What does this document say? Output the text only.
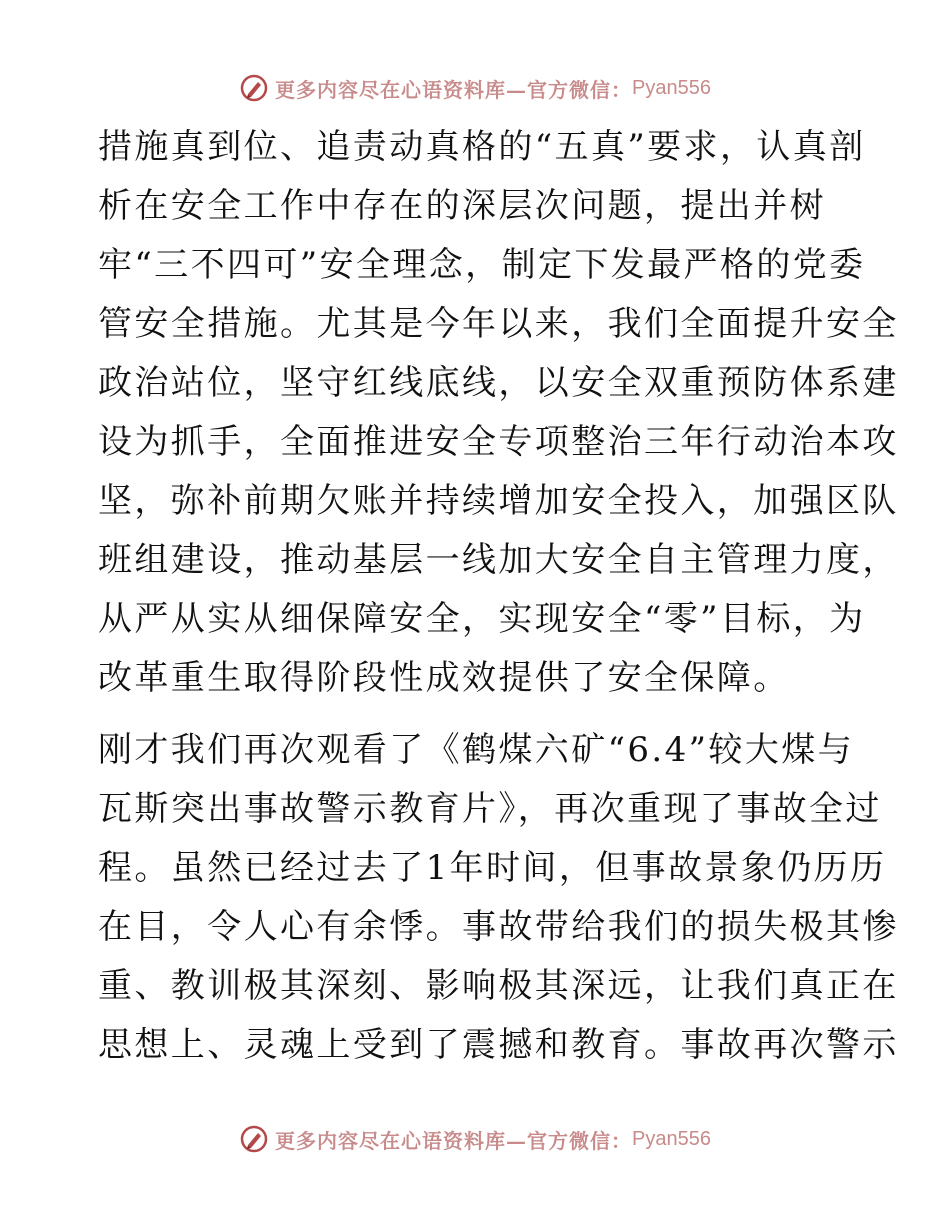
更多内容尽在心语资料库—官方微信： Pyan556

措施真到位、追责动真格的“五真”要求，认真剖
析在安全工作中存在的深层次问题，提出并树
牢“三不四可”安全理念，制定下发最严格的党委
管安全措施。尤其是今年以来，我们全面提升安全
政治站位，坚守红线底线，以安全双重预防体系建
设为抓手，全面推进安全专项整治三年行动治本攻
坚，弥补前期欠账并持续增加安全投入，加强区队
班组建设，推动基层一线加大安全自主管理力度，
从严从实从细保障安全，实现安全“零”目标，为
改革重生取得阶段性成效提供了安全保障。

刚才我们再次观看了《鹤煤六矿“6.4”较大煤与
瓦斯突出事故警示教育片》，再次重现了事故全过
程。虽然已经过去了1年时间，但事故景象仍历历
在目，令人心有余悸。事故带给我们的损失极其惨
重、教训极其深刻、影响极其深远，让我们真正在
思想上、灵魂上受到了震撼和教育。事故再次警示

更多内容尽在心语资料库—官方微信： Pyan556
